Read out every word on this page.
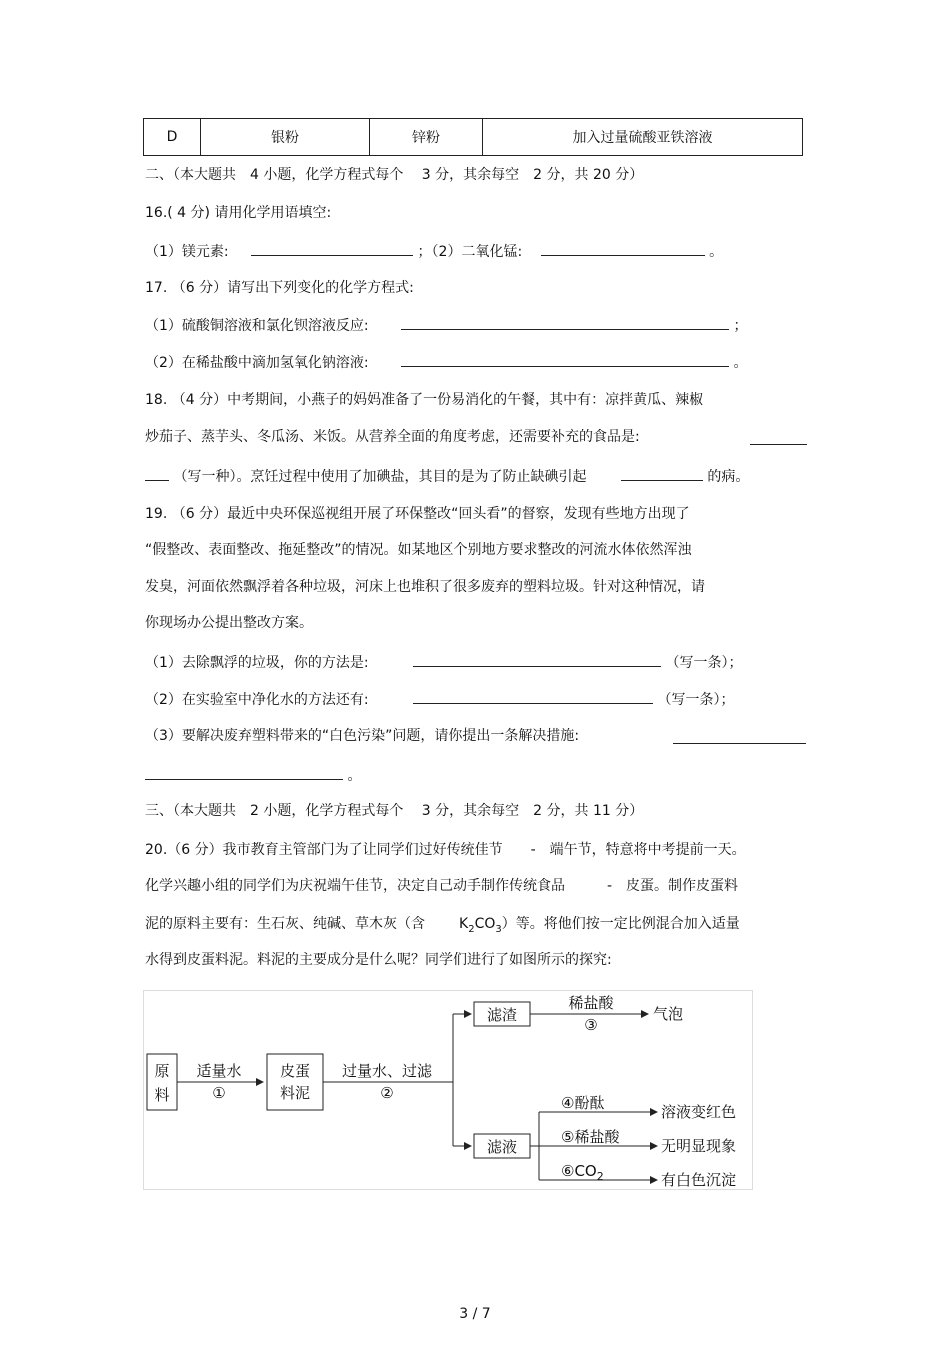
D	银粉	锌粉	加入过量硫酸亚铁溶液
二、（本大题共　4 小题，化学方程式每个　 3 分，其余每空　2 分，共 20 分）
16.( 4 分) 请用化学用语填空:
（1）镁元素:	；（2）二氧化锰:	。
17. （6 分）请写出下列变化的化学方程式:
（1）硫酸铜溶液和氯化钡溶液反应:	；
（2）在稀盐酸中滴加氢氧化钠溶液:	。
18. （4 分）中考期间，小燕子的妈妈准备了一份易消化的午餐，其中有：凉拌黄瓜、辣椒
炒茄子、蒸芋头、冬瓜汤、米饭。从营养全面的角度考虑，还需要补充的食品是:
（写一种）。烹饪过程中使用了加碘盐，其目的是为了防止缺碘引起	的病。
19. （6 分）最近中央环保巡视组开展了环保整改“回头看”的督察，发现有些地方出现了
“假整改、表面整改、拖延整改”的情况。如某地区个别地方要求整改的河流水体依然浑浊
发臭，河面依然飘浮着各种垃圾，河床上也堆积了很多废弃的塑料垃圾。针对这种情况，请
你现场办公提出整改方案。
（1）去除飘浮的垃圾，你的方法是:	（写一条）；
（2）在实验室中净化水的方法还有:	（写一条）；
（3）要解决废弃塑料带来的“白色污染”问题，请你提出一条解决措施:
。
三、（本大题共　2 小题，化学方程式每个　 3 分，其余每空　2 分，共 11 分）
20.（6 分）我市教育主管部门为了让同学们过好传统佳节　　-　端午节，特意将中考提前一天。
化学兴趣小组的同学们为庆祝端午佳节，决定自己动手制作传统食品　　　-　皮蛋。制作皮蛋料
泥的原料主要有：生石灰、纯碱、草木灰（含 $K_2CO_3$）等。将他们按一定比例混合加入适量
水得到皮蛋料泥。料泥的主要成分是什么呢？同学们进行了如图所示的探究:
原
料
适量水
①
皮蛋
料泥
过量水、过滤
②
滤渣
稀盐酸
③
气泡
滤液
④酚酞
⑤稀盐酸
$⑥CO_2$
溶液变红色
无明显现象
有白色沉淀
3 / 7
